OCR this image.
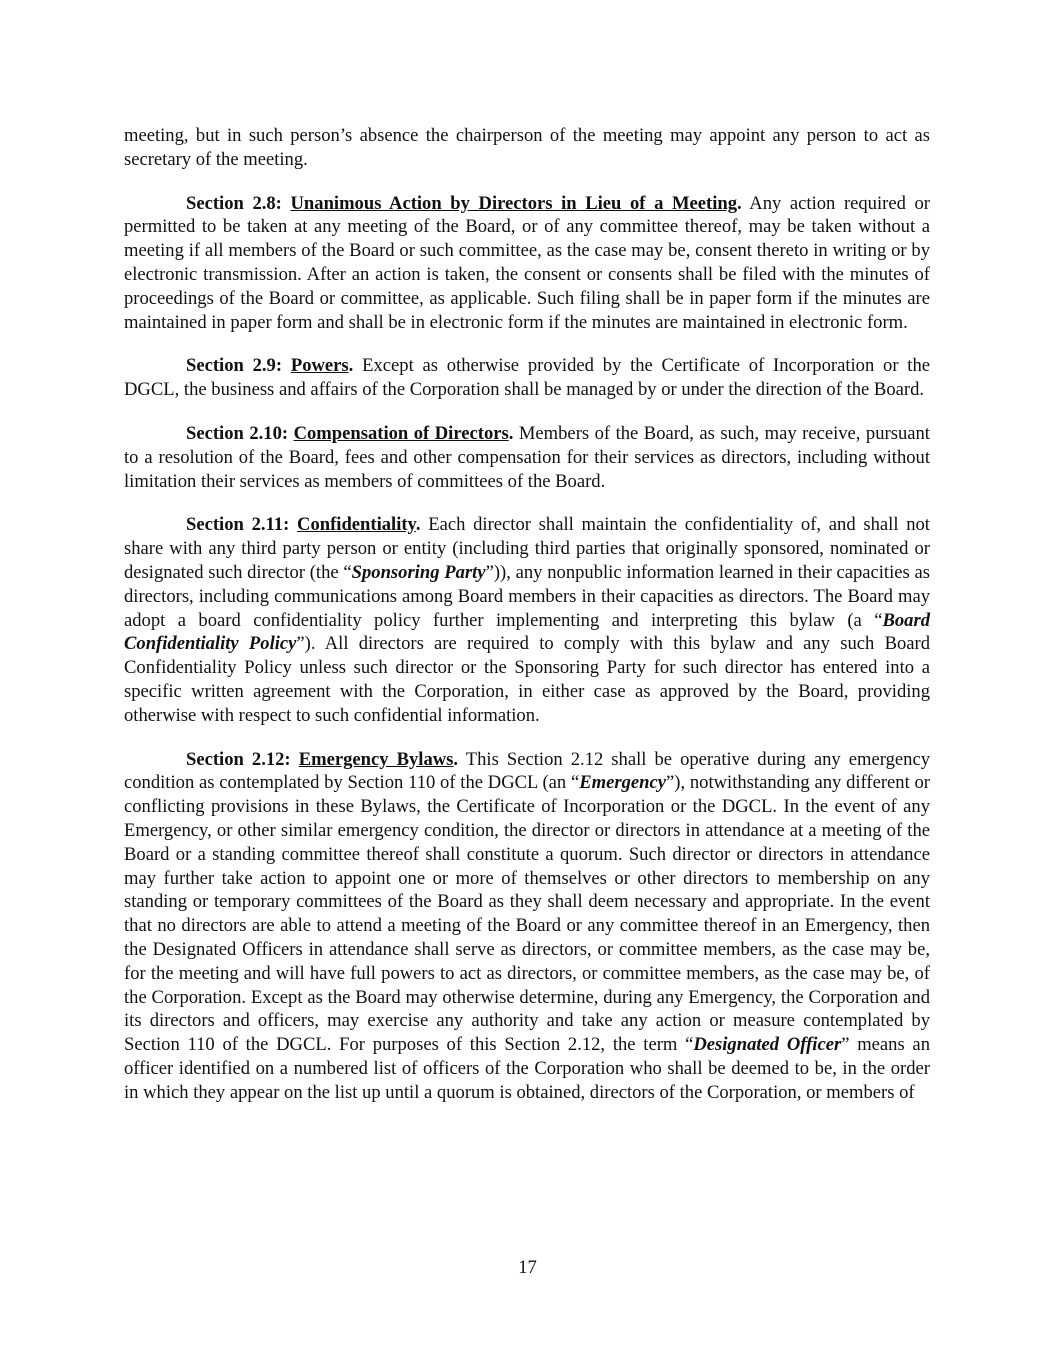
meeting, but in such person’s absence the chairperson of the meeting may appoint any person to act as secretary of the meeting.

Section 2.8: Unanimous Action by Directors in Lieu of a Meeting. Any action required or permitted to be taken at any meeting of the Board, or of any committee thereof, may be taken without a meeting if all members of the Board or such committee, as the case may be, consent thereto in writing or by electronic transmission. After an action is taken, the consent or consents shall be filed with the minutes of proceedings of the Board or committee, as applicable. Such filing shall be in paper form if the minutes are maintained in paper form and shall be in electronic form if the minutes are maintained in electronic form.

Section 2.9: Powers. Except as otherwise provided by the Certificate of Incorporation or the DGCL, the business and affairs of the Corporation shall be managed by or under the direction of the Board.

Section 2.10: Compensation of Directors. Members of the Board, as such, may receive, pursuant to a resolution of the Board, fees and other compensation for their services as directors, including without limitation their services as members of committees of the Board.

Section 2.11: Confidentiality. Each director shall maintain the confidentiality of, and shall not share with any third party person or entity (including third parties that originally sponsored, nominated or designated such director (the “Sponsoring Party”)), any nonpublic information learned in their capacities as directors, including communications among Board members in their capacities as directors. The Board may adopt a board confidentiality policy further implementing and interpreting this bylaw (a “Board Confidentiality Policy”). All directors are required to comply with this bylaw and any such Board Confidentiality Policy unless such director or the Sponsoring Party for such director has entered into a specific written agreement with the Corporation, in either case as approved by the Board, providing otherwise with respect to such confidential information.

Section 2.12: Emergency Bylaws. This Section 2.12 shall be operative during any emergency condition as contemplated by Section 110 of the DGCL (an “Emergency”), notwithstanding any different or conflicting provisions in these Bylaws, the Certificate of Incorporation or the DGCL. In the event of any Emergency, or other similar emergency condition, the director or directors in attendance at a meeting of the Board or a standing committee thereof shall constitute a quorum. Such director or directors in attendance may further take action to appoint one or more of themselves or other directors to membership on any standing or temporary committees of the Board as they shall deem necessary and appropriate. In the event that no directors are able to attend a meeting of the Board or any committee thereof in an Emergency, then the Designated Officers in attendance shall serve as directors, or committee members, as the case may be, for the meeting and will have full powers to act as directors, or committee members, as the case may be, of the Corporation. Except as the Board may otherwise determine, during any Emergency, the Corporation and its directors and officers, may exercise any authority and take any action or measure contemplated by Section 110 of the DGCL. For purposes of this Section 2.12, the term “Designated Officer” means an officer identified on a numbered list of officers of the Corporation who shall be deemed to be, in the order in which they appear on the list up until a quorum is obtained, directors of the Corporation, or members of

17
